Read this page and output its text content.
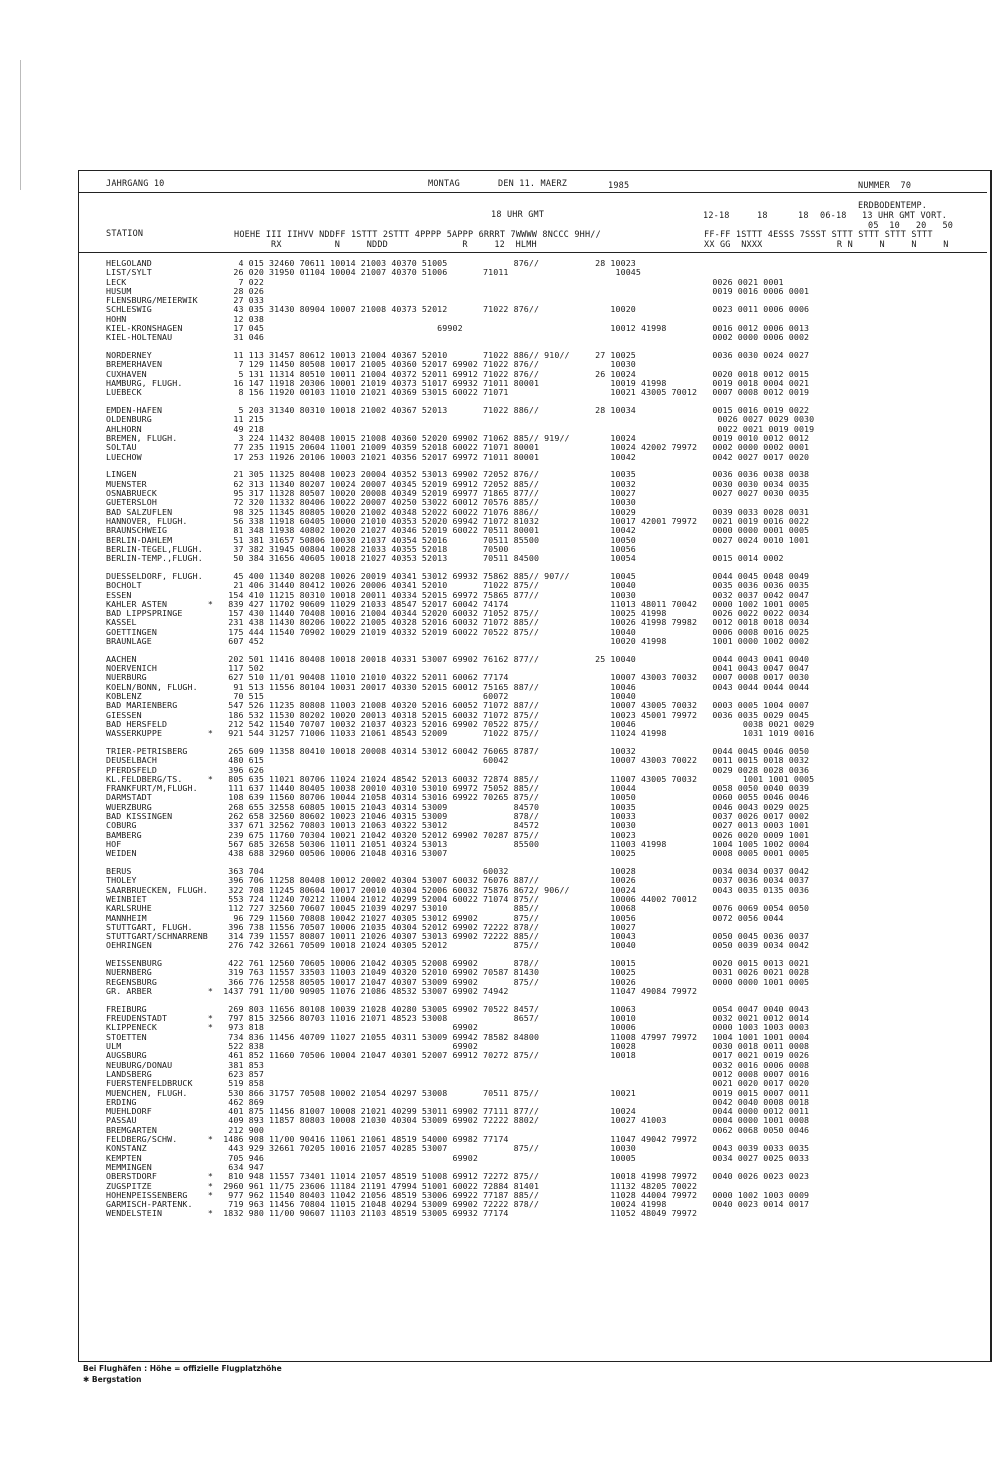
JAHRGANG 10	MONTAG	DEN 11. MAERZ	1985	NUMMER  70
ERDBODENTEMP.
18 UHR GMT	12-18	18	18 06-18 13 UHR GMT VORT.
05  10   20   50
STATION	HOEHE III IIHVV NDDFF 1STTT 2STTT 4PPPP 5APPP 6RRRT 7WWWW 8NCCC 9HH//	FF-FF 1STTT 4ESSS 7SSST STTT STTT STTT STTT
RX          N     NDDD              R     12  HLMH	XX GG  NXXX              R N     N     N     N
HELGOLAND                 4 015 32460 70611 10014 21003 40370 51005             876//           28 10023
LIST/SYLT                26 020 31950 01104 10004 21007 40370 51006       71011                     10045
LECK                      7 022                                                                                        0026 0021 0001
HUSUM                    28 026                                                                                        0019 0016 0006 0001
FLENSBURG/MEIERWIK       27 033
SCHLESWIG                43 035 31430 80904 10007 21008 40373 52012       71022 876//              10020               0023 0011 0006 0006
HOHN                     12 038
KIEL-KRONSHAGEN          17 045                                  69902                             10012 41998         0016 0012 0006 0013
KIEL-HOLTENAU            31 046                                                                                        0002 0000 0006 0002
NORDERNEY                11 113 31457 80612 10013 21004 40367 52010       71022 886// 910//     27 10025               0036 0030 0024 0027
BREMERHAVEN               7 129 11450 80508 10017 21005 40360 52017 69902 71022 876//              10030
CUXHAVEN                  5 131 11314 80510 10011 21004 40372 52011 69912 71022 876//           26 10024               0020 0018 0012 0015
HAMBURG, FLUGH.          16 147 11918 20306 10001 21019 40373 51017 69932 71011 80001              10019 41998         0019 0018 0004 0021
LUEBECK                   8 156 11920 00103 11010 21021 40369 53015 60022 71071                    10021 43005 70012   0007 0008 0012 0019
EMDEN-HAFEN               5 203 31340 80310 10018 21002 40367 52013       71022 886//           28 10034               0015 0016 0019 0022
OLDENBURG                11 215                                                                                         0026 0027 0029 0030
AHLHORN                  49 218                                                                                         0022 0021 0019 0019
BREMEN, FLUGH.            3 224 11432 80408 10015 21008 40360 52020 69902 71062 885// 919//        10024               0019 0010 0012 0012
SOLTAU                   77 235 11915 20604 11001 21009 40359 52018 60022 71071 80001              10024 42002 79972   0002 0000 0002 0001
LUECHOW                  17 253 11926 20106 10003 21021 40356 52017 69972 71011 80001              10042               0042 0027 0017 0020
LINGEN                   21 305 11325 80408 10023 20004 40352 53013 69902 72052 876//              10035               0036 0036 0038 0038
MUENSTER                 62 313 11340 80207 10024 20007 40345 52019 69912 72052 885//              10032               0030 0030 0034 0035
OSNABRUECK               95 317 11328 80507 10020 20008 40349 52019 69977 71865 877//              10027               0027 0027 0030 0035
GUETERSLOH               72 320 11332 80406 10022 20007 40250 53022 60012 70576 885//              10030
BAD SALZUFLEN            98 325 11345 80805 10020 21002 40348 52022 60022 71076 886//              10029               0039 0033 0028 0031
HANNOVER, FLUGH.         56 338 11918 60405 10000 21010 40353 52020 69942 71072 81032              10017 42001 79972   0021 0019 0016 0022
BRAUNSCHWEIG             81 348 11938 40802 10020 21027 40346 52019 60022 70511 80001              10042               0000 0000 0001 0005
BERLIN-DAHLEM            51 381 31657 50806 10030 21037 40354 52016       70511 85500              10050               0027 0024 0010 1001
BERLIN-TEGEL,FLUGH.      37 382 31945 00804 10028 21033 40355 52018       70500                    10056
BERLIN-TEMP.,FLUGH.      50 384 31656 40605 10018 21027 40353 52013       70511 84500              10054               0015 0014 0002
DUESSELDORF, FLUGH.      45 400 11340 80208 10026 20019 40341 53012 69932 75862 885// 907//        10045               0044 0045 0048 0049
BOCHOLT                  21 406 31440 80412 10026 20006 40341 52010       71022 875//              10040               0035 0036 0036 0035
ESSEN                   154 410 11215 80310 10018 20011 40334 52015 69972 75865 877//              10030               0032 0037 0042 0047
KAHLER ASTEN        *   839 427 11702 90609 11029 21033 48547 52017 60042 74174                    11013 48011 70042   0000 1002 1001 0005
BAD LIPPSPRINGE         157 430 11440 70408 10016 21004 40344 52020 60032 71052 875//              10025 41998         0026 0022 0022 0034
KASSEL                  231 438 11430 80206 10022 21005 40328 52016 60032 71072 885//              10026 41998 79982   0012 0018 0018 0034
GOETTINGEN              175 444 11540 70902 10029 21019 40332 52019 60022 70522 875//              10040               0006 0008 0016 0025
BRAUNLAGE               607 452                                                                    10020 41998         1001 0000 1002 0002
AACHEN                  202 501 11416 80408 10018 20018 40331 53007 69902 76162 877//           25 10040               0044 0043 0041 0040
NOERVENICH              117 502                                                                                        0041 0043 0047 0047
NUERBURG                627 510 11/01 90408 11010 21010 40322 52011 60062 77174                    10007 43003 70032   0007 0008 0017 0030
KOELN/BONN, FLUGH.       91 513 11556 80104 10031 20017 40330 52015 60012 75165 887//              10046               0043 0044 0044 0044
KOBLENZ                  70 515                                           60072                    10040
BAD MARIENBERG          547 526 11235 80808 11003 21008 40320 52016 60052 71072 887//              10007 43005 70032   0003 0005 1004 0007
GIESSEN                 186 532 11530 80202 10020 20013 40318 52015 60032 71072 875//              10023 45001 79972   0036 0035 0029 0045
BAD HERSFELD            212 542 11540 70707 10032 21037 40323 52016 69902 70522 875//              10046                     0038 0021 0029
WASSERKUPPE         *   921 544 31257 71006 11033 21061 48543 52009       71022 875//              11024 41998               1031 1019 0016
TRIER-PETRISBERG        265 609 11358 80410 10018 20008 40314 53012 60042 76065 8787/              10032               0044 0045 0046 0050
DEUSELBACH              480 615                                           60042                    10007 43003 70022   0011 0015 0018 0032
PFERDSFELD              396 626                                                                                        0029 0028 0028 0036
KL.FELDBERG/TS.     *   805 635 11021 80706 11024 21024 48542 52013 60032 72874 885//              11007 43005 70032         1001 1001 0005
FRANKFURT/M,FLUGH.      111 637 11440 80405 10038 20010 40310 53010 69972 75052 885//              10044               0058 0050 0040 0039
DARMSTADT               108 639 11560 80706 10044 21058 40314 53016 69922 70265 875//              10050               0060 0055 0046 0046
WUERZBURG               268 655 32558 60805 10015 21043 40314 53009             84570              10035               0046 0043 0029 0025
BAD KISSINGEN           262 658 32560 80602 10023 21046 40315 53009             878//              10033               0037 0026 0017 0002
COBURG                  337 671 32562 70803 10013 21063 40322 53012             84572              10030               0027 0013 0003 1001
BAMBERG                 239 675 11760 70304 10021 21042 40320 52012 69902 70287 875//              10023               0026 0020 0009 1001
HOF                     567 685 32658 50306 11011 21051 40324 53013             85500              11003 41998         1004 1005 1002 0004
WEIDEN                  438 688 32960 00506 10006 21048 40316 53007                                10025               0008 0005 0001 0005
BERUS                   363 704                                           60032                    10028               0034 0034 0037 0042
THOLEY                  396 706 11258 80408 10012 20002 40304 53007 60032 76076 887//              10026               0037 0036 0034 0037
SAARBRUECKEN, FLUGH.    322 708 11245 80604 10017 20010 40304 52006 60032 75876 8672/ 906//        10024               0043 0035 0135 0036
WEINBIET                553 724 11240 70212 11004 21012 40299 52004 60022 71074 875//              10006 44002 70012
KARLSRUHE               112 727 32560 70607 10045 21039 40297 53010             885//              10068               0076 0069 0054 0050
MANNHEIM                 96 729 11560 70808 10042 21027 40305 53012 69902       875//              10056               0072 0056 0044
STUTTGART, FLUGH.       396 738 11556 70507 10006 21035 40304 52012 69902 72222 878//              10027
STUTTGART/SCHNARRENB    314 739 11557 80807 10011 21026 40307 53013 69902 72222 885//              10043               0050 0045 0036 0037
OEHRINGEN               276 742 32661 70509 10018 21024 40305 52012             875//              10040               0050 0039 0034 0042
WEISSENBURG             422 761 12560 70605 10006 21042 40305 52008 69902       878//              10015               0020 0015 0013 0021
NUERNBERG               319 763 11557 33503 11003 21049 40320 52010 69902 70587 81430              10025               0031 0026 0021 0028
REGENSBURG              366 776 12558 80505 10017 21047 40307 53009 69902       875//              10026               0000 0000 1001 0005
GR. ARBER           *  1437 791 11/00 90905 11076 21086 48532 53007 69902 74942                    11047 49084 79972
FREIBURG                269 803 11656 80108 10039 21028 40280 53005 69902 70522 8457/              10063               0054 0047 0040 0043
FREUDENSTADT        *   797 815 32566 80703 11016 21071 48523 53008             8657/              10010               0032 0021 0012 0014
KLIPPENECK          *   973 818                                     69902                          10006               0000 1003 1003 0003
STOETTEN                734 836 11456 40709 11027 21055 40311 53009 69942 78582 84800              11008 47997 79972   1004 1001 1001 0004
ULM                     522 838                                     69902                          10028               0030 0018 0011 0008
AUGSBURG                461 852 11660 70506 10004 21047 40301 52007 69912 70272 875//              10018               0017 0021 0019 0026
NEUBURG/DONAU           381 853                                                                                        0032 0016 0006 0008
LANDSBERG               623 857                                                                                        0012 0008 0007 0016
FUERSTENFELDBRUCK       519 858                                                                                        0021 0020 0017 0020
MUENCHEN, FLUGH.        530 866 31757 70508 10002 21054 40297 53008       70511 875//              10021               0019 0015 0007 0011
ERDING                  462 869                                                                                        0042 0040 0008 0018
MUEHLDORF               401 875 11456 81007 10008 21021 40299 53011 69902 77111 877//              10024               0044 0000 0012 0011
PASSAU                  409 893 11857 80803 10008 21030 40304 53009 69902 72222 8802/              10027 41003         0004 0000 1001 0008
BREMGARTEN              212 900                                                                                        0062 0068 0050 0046
FELDBERG/SCHW.      *  1486 908 11/00 90416 11061 21061 48519 54000 69982 77174                    11047 49042 79972
KONSTANZ                443 929 32661 70205 10016 21057 40285 53007             875//              10030               0043 0039 0033 0035
KEMPTEN                 705 946                                     69902                          10005               0034 0027 0025 0033
MEMMINGEN               634 947
OBERSTDORF          *   810 948 11557 73401 11014 21057 48519 51008 69912 72272 875//              10018 41998 79972   0040 0026 0023 0023
ZUGSPITZE           *  2960 961 11/75 23606 11184 21191 47994 51001 60022 72884 81401              11132 48205 70022
HOHENPEISSENBERG    *   977 962 11540 80403 11042 21056 48519 53006 69922 77187 885//              11028 44004 79972   0000 1002 1003 0009
GARMISCH-PARTENK.       719 963 11456 70804 11015 21048 40294 53009 69902 72222 878//              10024 41998         0040 0023 0014 0017
WENDELSTEIN         *  1832 980 11/00 90607 11103 21103 48519 53005 69932 77174                    11052 48049 79972
Bei Flughäfen : Höhe = offizielle Flugplatzhöhe
✱ Bergstation
